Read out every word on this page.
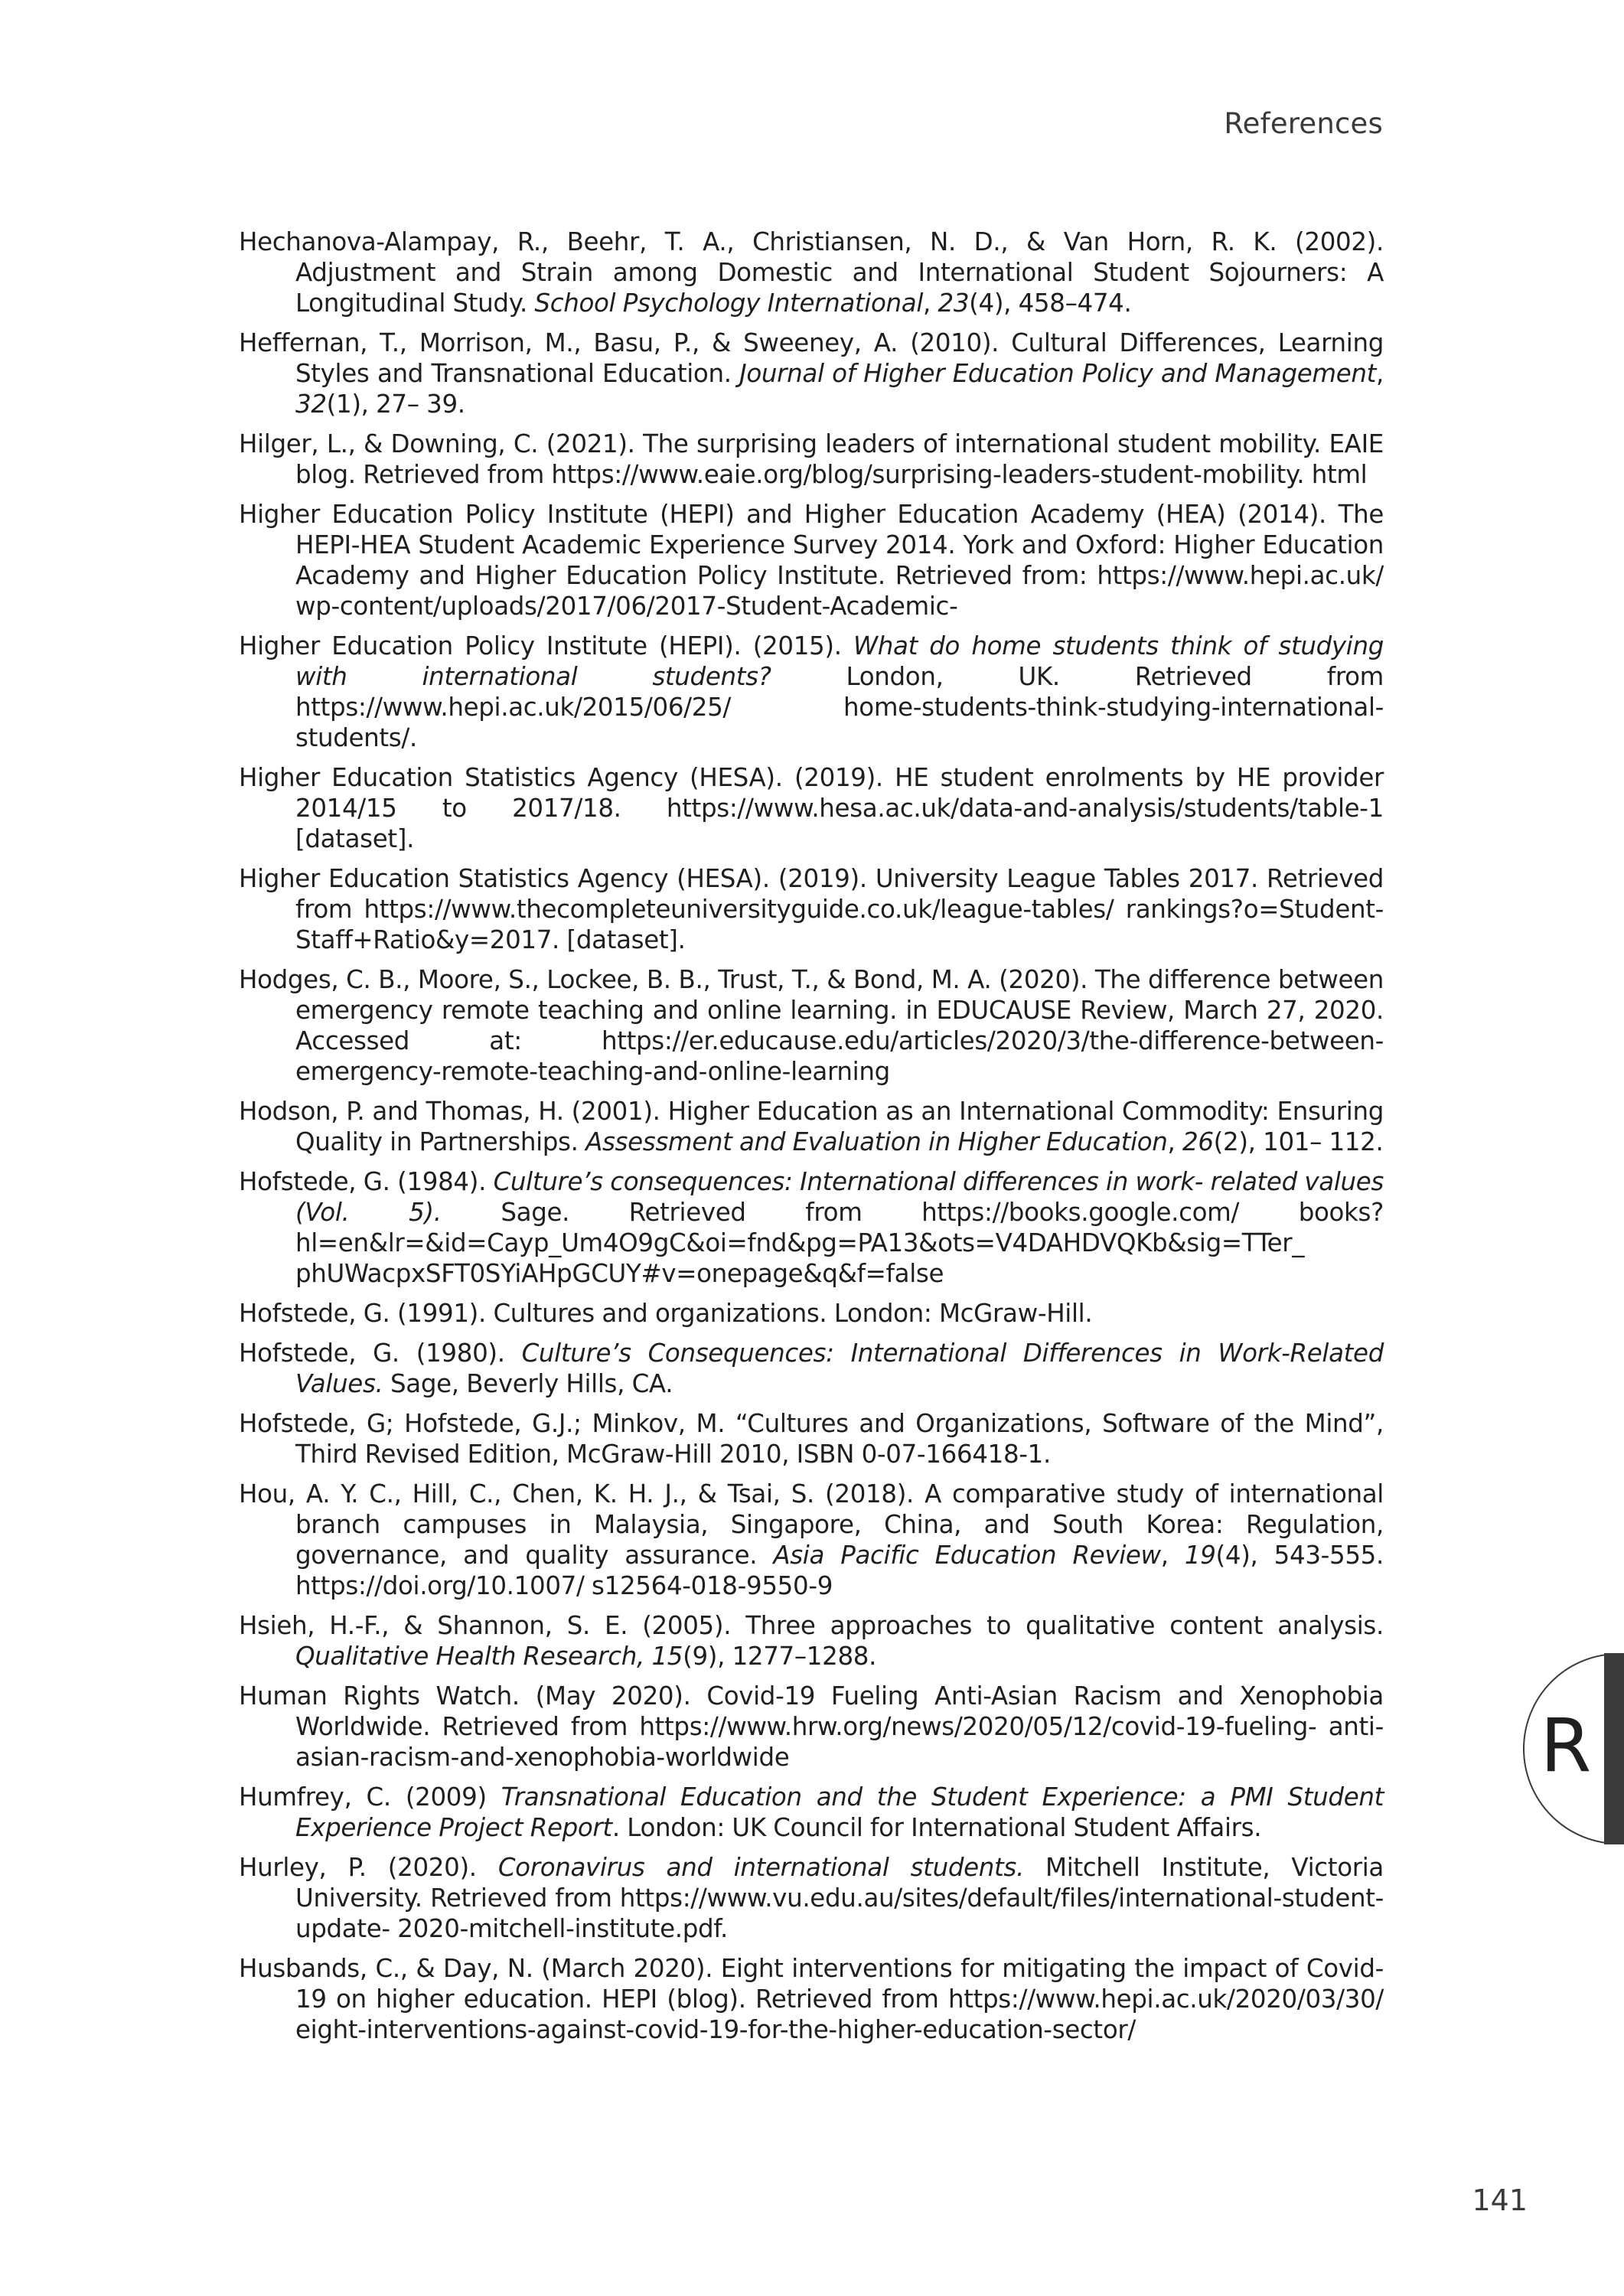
References

Hechanova-Alampay, R., Beehr, T. A., Christiansen, N. D., & Van Horn, R. K. (2002). Adjustment and Strain among Domestic and International Student Sojourners: A Longitudinal Study. School Psychology International, 23(4), 458–474.

Heffernan, T., Morrison, M., Basu, P., & Sweeney, A. (2010). Cultural Differences, Learning Styles and Transnational Education. Journal of Higher Education Policy and Management, 32(1), 27– 39.

Hilger, L., & Downing, C. (2021). The surprising leaders of international student mobility. EAIE blog. Retrieved from https://www.eaie.org/blog/surprising-leaders-student-mobility. html

Higher Education Policy Institute (HEPI) and Higher Education Academy (HEA) (2014). The HEPI-HEA Student Academic Experience Survey 2014. York and Oxford: Higher Education Academy and Higher Education Policy Institute. Retrieved from: https://www.hepi.ac.uk/ wp-content/uploads/2017/06/2017-Student-Academic-

Higher Education Policy Institute (HEPI). (2015). What do home students think of studying with international students? London, UK. Retrieved from https://www.hepi.ac.uk/2015/06/25/ home-students-think-studying-international-students/.

Higher Education Statistics Agency (HESA). (2019). HE student enrolments by HE provider 2014/15 to 2017/18. https://www.hesa.ac.uk/data-and-analysis/students/table-1 [dataset].

Higher Education Statistics Agency (HESA). (2019). University League Tables 2017. Retrieved from https://www.thecompleteuniversityguide.co.uk/league-tables/ rankings?o=Student-Staff+Ratio&y=2017. [dataset].

Hodges, C. B., Moore, S., Lockee, B. B., Trust, T., & Bond, M. A. (2020). The difference between emergency remote teaching and online learning. in EDUCAUSE Review, March 27, 2020. Accessed at: https://er.educause.edu/articles/2020/3/the-difference-between- emergency-remote-teaching-and-online-learning

Hodson, P. and Thomas, H. (2001). Higher Education as an International Commodity: Ensuring Quality in Partnerships. Assessment and Evaluation in Higher Education, 26(2), 101– 112.

Hofstede, G. (1984). Culture’s consequences: International differences in work- related values (Vol. 5). Sage. Retrieved from https://books.google.com/ books?hl=en&lr=&id=Cayp_Um4O9gC&oi=fnd&pg=PA13&ots=V4DAHDVQKb&sig=TTer_ phUWacpxSFT0SYiAHpGCUY#v=onepage&q&f=false

Hofstede, G. (1991). Cultures and organizations. London: McGraw-Hill.

Hofstede, G. (1980). Culture’s Consequences: International Differences in Work-Related Values. Sage, Beverly Hills, CA.

Hofstede, G; Hofstede, G.J.; Minkov, M. “Cultures and Organizations, Software of the Mind”, Third Revised Edition, McGraw-Hill 2010, ISBN 0-07-166418-1.

Hou, A. Y. C., Hill, C., Chen, K. H. J., & Tsai, S. (2018). A comparative study of international branch campuses in Malaysia, Singapore, China, and South Korea: Regulation, governance, and quality assurance. Asia Pacific Education Review, 19(4), 543-555. https://doi.org/10.1007/ s12564-018-9550-9

Hsieh, H.-F., & Shannon, S. E. (2005). Three approaches to qualitative content analysis. Qualitative Health Research, 15(9), 1277–1288.

Human Rights Watch. (May 2020). Covid-19 Fueling Anti-Asian Racism and Xenophobia Worldwide. Retrieved from https://www.hrw.org/news/2020/05/12/covid-19-fueling- anti-asian-racism-and-xenophobia-worldwide

Humfrey, C. (2009) Transnational Education and the Student Experience: a PMI Student Experience Project Report. London: UK Council for International Student Affairs.

Hurley, P. (2020). Coronavirus and international students. Mitchell Institute, Victoria University. Retrieved from https://www.vu.edu.au/sites/default/files/international-student-update- 2020-mitchell-institute.pdf.

Husbands, C., & Day, N. (March 2020). Eight interventions for mitigating the impact of Covid-19 on higher education. HEPI (blog). Retrieved from https://www.hepi.ac.uk/2020/03/30/ eight-interventions-against-covid-19-for-the-higher-education-sector/

R
141
